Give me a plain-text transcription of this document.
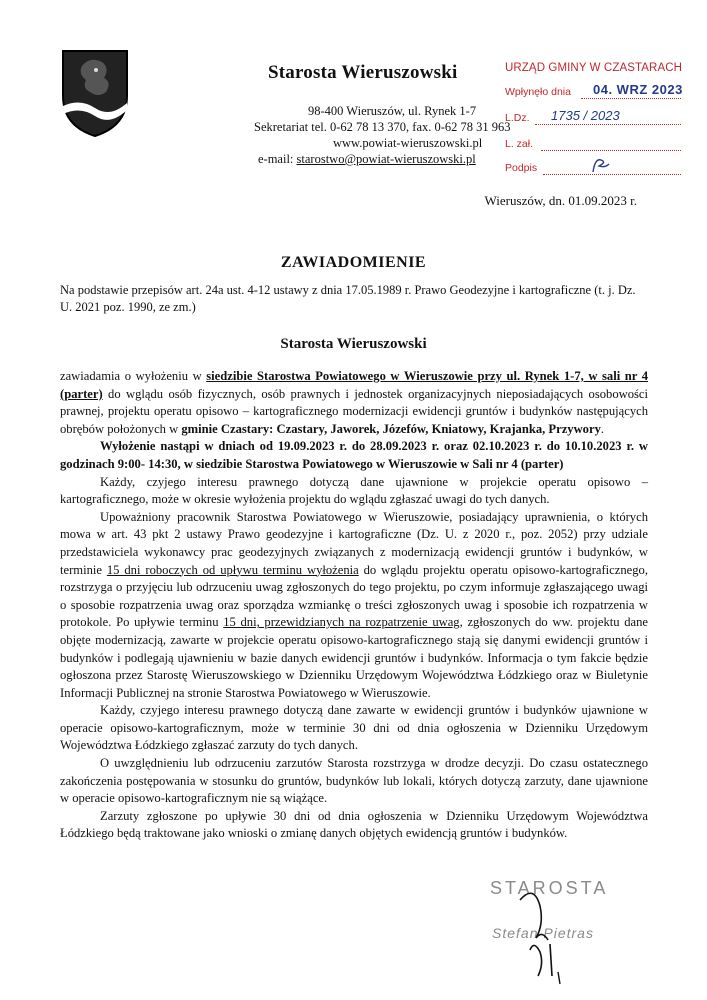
Starosta Wieruszowski
98-400 Wieruszów, ul. Rynek 1-7
Sekretariat tel. 0-62 78 13 370, fax. 0-62 78 31 963
www.powiat-wieruszowski.pl
e-mail: starostwo@powiat-wieruszowski.pl
URZĄD GMINY W CZASTARACH
Wpłynęło dnia 04. WRZ 2023
L.Dz. 1735 / 2023
L. zał.
Podpis
Wieruszów, dn. 01.09.2023 r.
ZAWIADOMIENIE
Na podstawie przepisów art. 24a ust. 4-12 ustawy z dnia 17.05.1989 r. Prawo Geodezyjne i kartograficzne (t. j. Dz. U. 2021 poz. 1990, ze zm.)
Starosta Wieruszowski

zawiadamia o wyłożeniu w siedzibie Starostwa Powiatowego w Wieruszowie przy ul. Rynek 1-7, w sali nr 4 (parter) do wglądu osób fizycznych, osób prawnych i jednostek organizacyjnych nieposiadających osobowości prawnej, projektu operatu opisowo – kartograficznego modernizacji ewidencji gruntów i budynków następujących obrębów położonych w gminie Czastary: Czastary, Jaworek, Józefów, Kniatowy, Krajanka, Przywory.

Wyłożenie nastąpi w dniach od 19.09.2023 r. do 28.09.2023 r. oraz 02.10.2023 r. do 10.10.2023 r. w godzinach 9:00- 14:30, w siedzibie Starostwa Powiatowego w Wieruszowie w Sali nr 4 (parter)

Każdy, czyjego interesu prawnego dotyczą dane ujawnione w projekcie operatu opisowo – kartograficznego, może w okresie wyłożenia projektu do wglądu zgłaszać uwagi do tych danych.

Upoważniony pracownik Starostwa Powiatowego w Wieruszowie, posiadający uprawnienia, o których mowa w art. 43 pkt 2 ustawy Prawo geodezyjne i kartograficzne (Dz. U. z 2020 r., poz. 2052) przy udziale przedstawiciela wykonawcy prac geodezyjnych związanych z modernizacją ewidencji gruntów i budynków, w terminie 15 dni roboczych od upływu terminu wyłożenia do wglądu projektu operatu opisowo-kartograficznego, rozstrzyga o przyjęciu lub odrzuceniu uwag zgłoszonych do tego projektu, po czym informuje zgłaszającego uwagi o sposobie rozpatrzenia uwag oraz sporządza wzmiankę o treści zgłoszonych uwag i sposobie ich rozpatrzenia w protokole. Po upływie terminu 15 dni, przewidzianych na rozpatrzenie uwag, zgłoszonych do ww. projektu dane objęte modernizacją, zawarte w projekcie operatu opisowo-kartograficznego stają się danymi ewidencji gruntów i budynków i podlegają ujawnieniu w bazie danych ewidencji gruntów i budynków. Informacja o tym fakcie będzie ogłoszona przez Starostę Wieruszowskiego w Dzienniku Urzędowym Województwa Łódzkiego oraz w Biuletynie Informacji Publicznej na stronie Starostwa Powiatowego w Wieruszowie.

Każdy, czyjego interesu prawnego dotyczą dane zawarte w ewidencji gruntów i budynków ujawnione w operacie opisowo-kartograficznym, może w terminie 30 dni od dnia ogłoszenia w Dzienniku Urzędowym Województwa Łódzkiego zgłaszać zarzuty do tych danych.

O uwzględnieniu lub odrzuceniu zarzutów Starosta rozstrzyga w drodze decyzji. Do czasu ostatecznego zakończenia postępowania w stosunku do gruntów, budynków lub lokali, których dotyczą zarzuty, dane ujawnione w operacie opisowo-kartograficznym nie są wiążące.

Zarzuty zgłoszone po upływie 30 dni od dnia ogłoszenia w Dzienniku Urzędowym Województwa Łódzkiego będą traktowane jako wnioski o zmianę danych objętych ewidencją gruntów i budynków.

STAROSTA
Stefan Pietras
